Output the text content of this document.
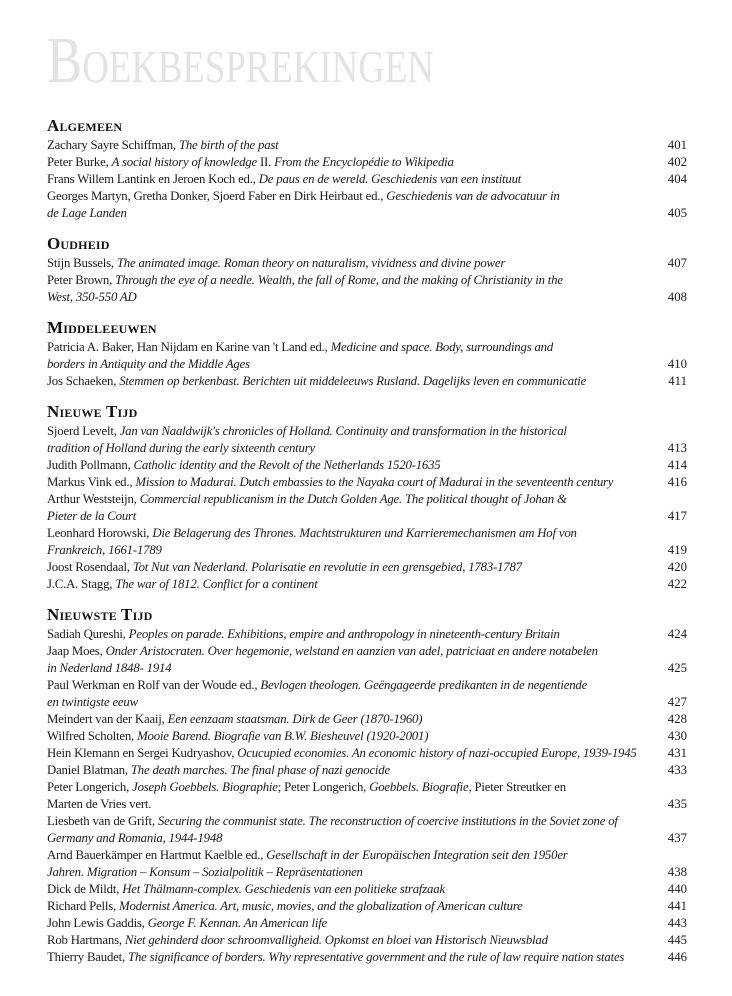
Boekbesprekingen
Algemeen
Zachary Sayre Schiffman, The birth of the past	401
Peter Burke, A social history of knowledge II. From the Encyclopédie to Wikipedia	402
Frans Willem Lantink en Jeroen Koch ed., De paus en de wereld. Geschiedenis van een instituut	404
Georges Martyn, Gretha Donker, Sjoerd Faber en Dirk Heirbaut ed., Geschiedenis van de advocatuur in
de Lage Landen	405
Oudheid
Stijn Bussels, The animated image. Roman theory on naturalism, vividness and divine power	407
Peter Brown, Through the eye of a needle. Wealth, the fall of Rome, and the making of Christianity in the
West, 350-550 AD	408
Middeleeuwen
Patricia A. Baker, Han Nijdam en Karine van 't Land ed., Medicine and space. Body, surroundings and
borders in Antiquity and the Middle Ages	410
Jos Schaeken, Stemmen op berkenbast. Berichten uit middeleeuws Rusland. Dagelijks leven en communicatie	411
Nieuwe Tijd
Sjoerd Levelt, Jan van Naaldwijk's chronicles of Holland. Continuity and transformation in the historical
tradition of Holland during the early sixteenth century	413
Judith Pollmann, Catholic identity and the Revolt of the Netherlands 1520-1635	414
Markus Vink ed., Mission to Madurai. Dutch embassies to the Nayaka court of Madurai in the seventeenth century	416
Arthur Weststeijn, Commercial republicanism in the Dutch Golden Age. The political thought of Johan &
Pieter de la Court	417
Leonhard Horowski, Die Belagerung des Thrones. Machtstrukturen und Karrieremechanismen am Hof von
Frankreich, 1661-1789	419
Joost Rosendaal, Tot Nut van Nederland. Polarisatie en revolutie in een grensgebied, 1783-1787	420
J.C.A. Stagg, The war of 1812. Conflict for a continent	422
Nieuwste Tijd
Sadiah Qureshi, Peoples on parade. Exhibitions, empire and anthropology in nineteenth-century Britain	424
Jaap Moes, Onder Aristocraten. Over hegemonie, welstand en aanzien van adel, patriciaat en andere notabelen
in Nederland 1848- 1914	425
Paul Werkman en Rolf van der Woude ed., Bevlogen theologen. Geëngageerde predikanten in de negentiende
en twintigste eeuw	427
Meindert van der Kaaij, Een eenzaam staatsman. Dirk de Geer (1870-1960)	428
Wilfred Scholten, Mooie Barend. Biografie van B.W. Biesheuvel (1920-2001)	430
Hein Klemann en Sergei Kudryashov, Ocucupied economies. An economic history of nazi-occupied Europe, 1939-1945	431
Daniel Blatman, The death marches. The final phase of nazi genocide	433
Peter Longerich, Joseph Goebbels. Biographie; Peter Longerich, Goebbels. Biografie, Pieter Streutker en
Marten de Vries vert.	435
Liesbeth van de Grift, Securing the communist state. The reconstruction of coercive institutions in the Soviet zone of
Germany and Romania, 1944-1948	437
Arnd Bauerkämper en Hartmut Kaelble ed., Gesellschaft in der Europäischen Integration seit den 1950er
Jahren. Migration – Konsum – Sozialpolitik – Repräsentationen	438
Dick de Mildt, Het Thälmann-complex. Geschiedenis van een politieke strafzaak	440
Richard Pells, Modernist America. Art, music, movies, and the globalization of American culture	441
John Lewis Gaddis, George F. Kennan. An American life	443
Rob Hartmans, Niet gehinderd door schroomvalligheid. Opkomst en bloei van Historisch Nieuwsblad	445
Thierry Baudet, The significance of borders. Why representative government and the rule of law require nation states	446
